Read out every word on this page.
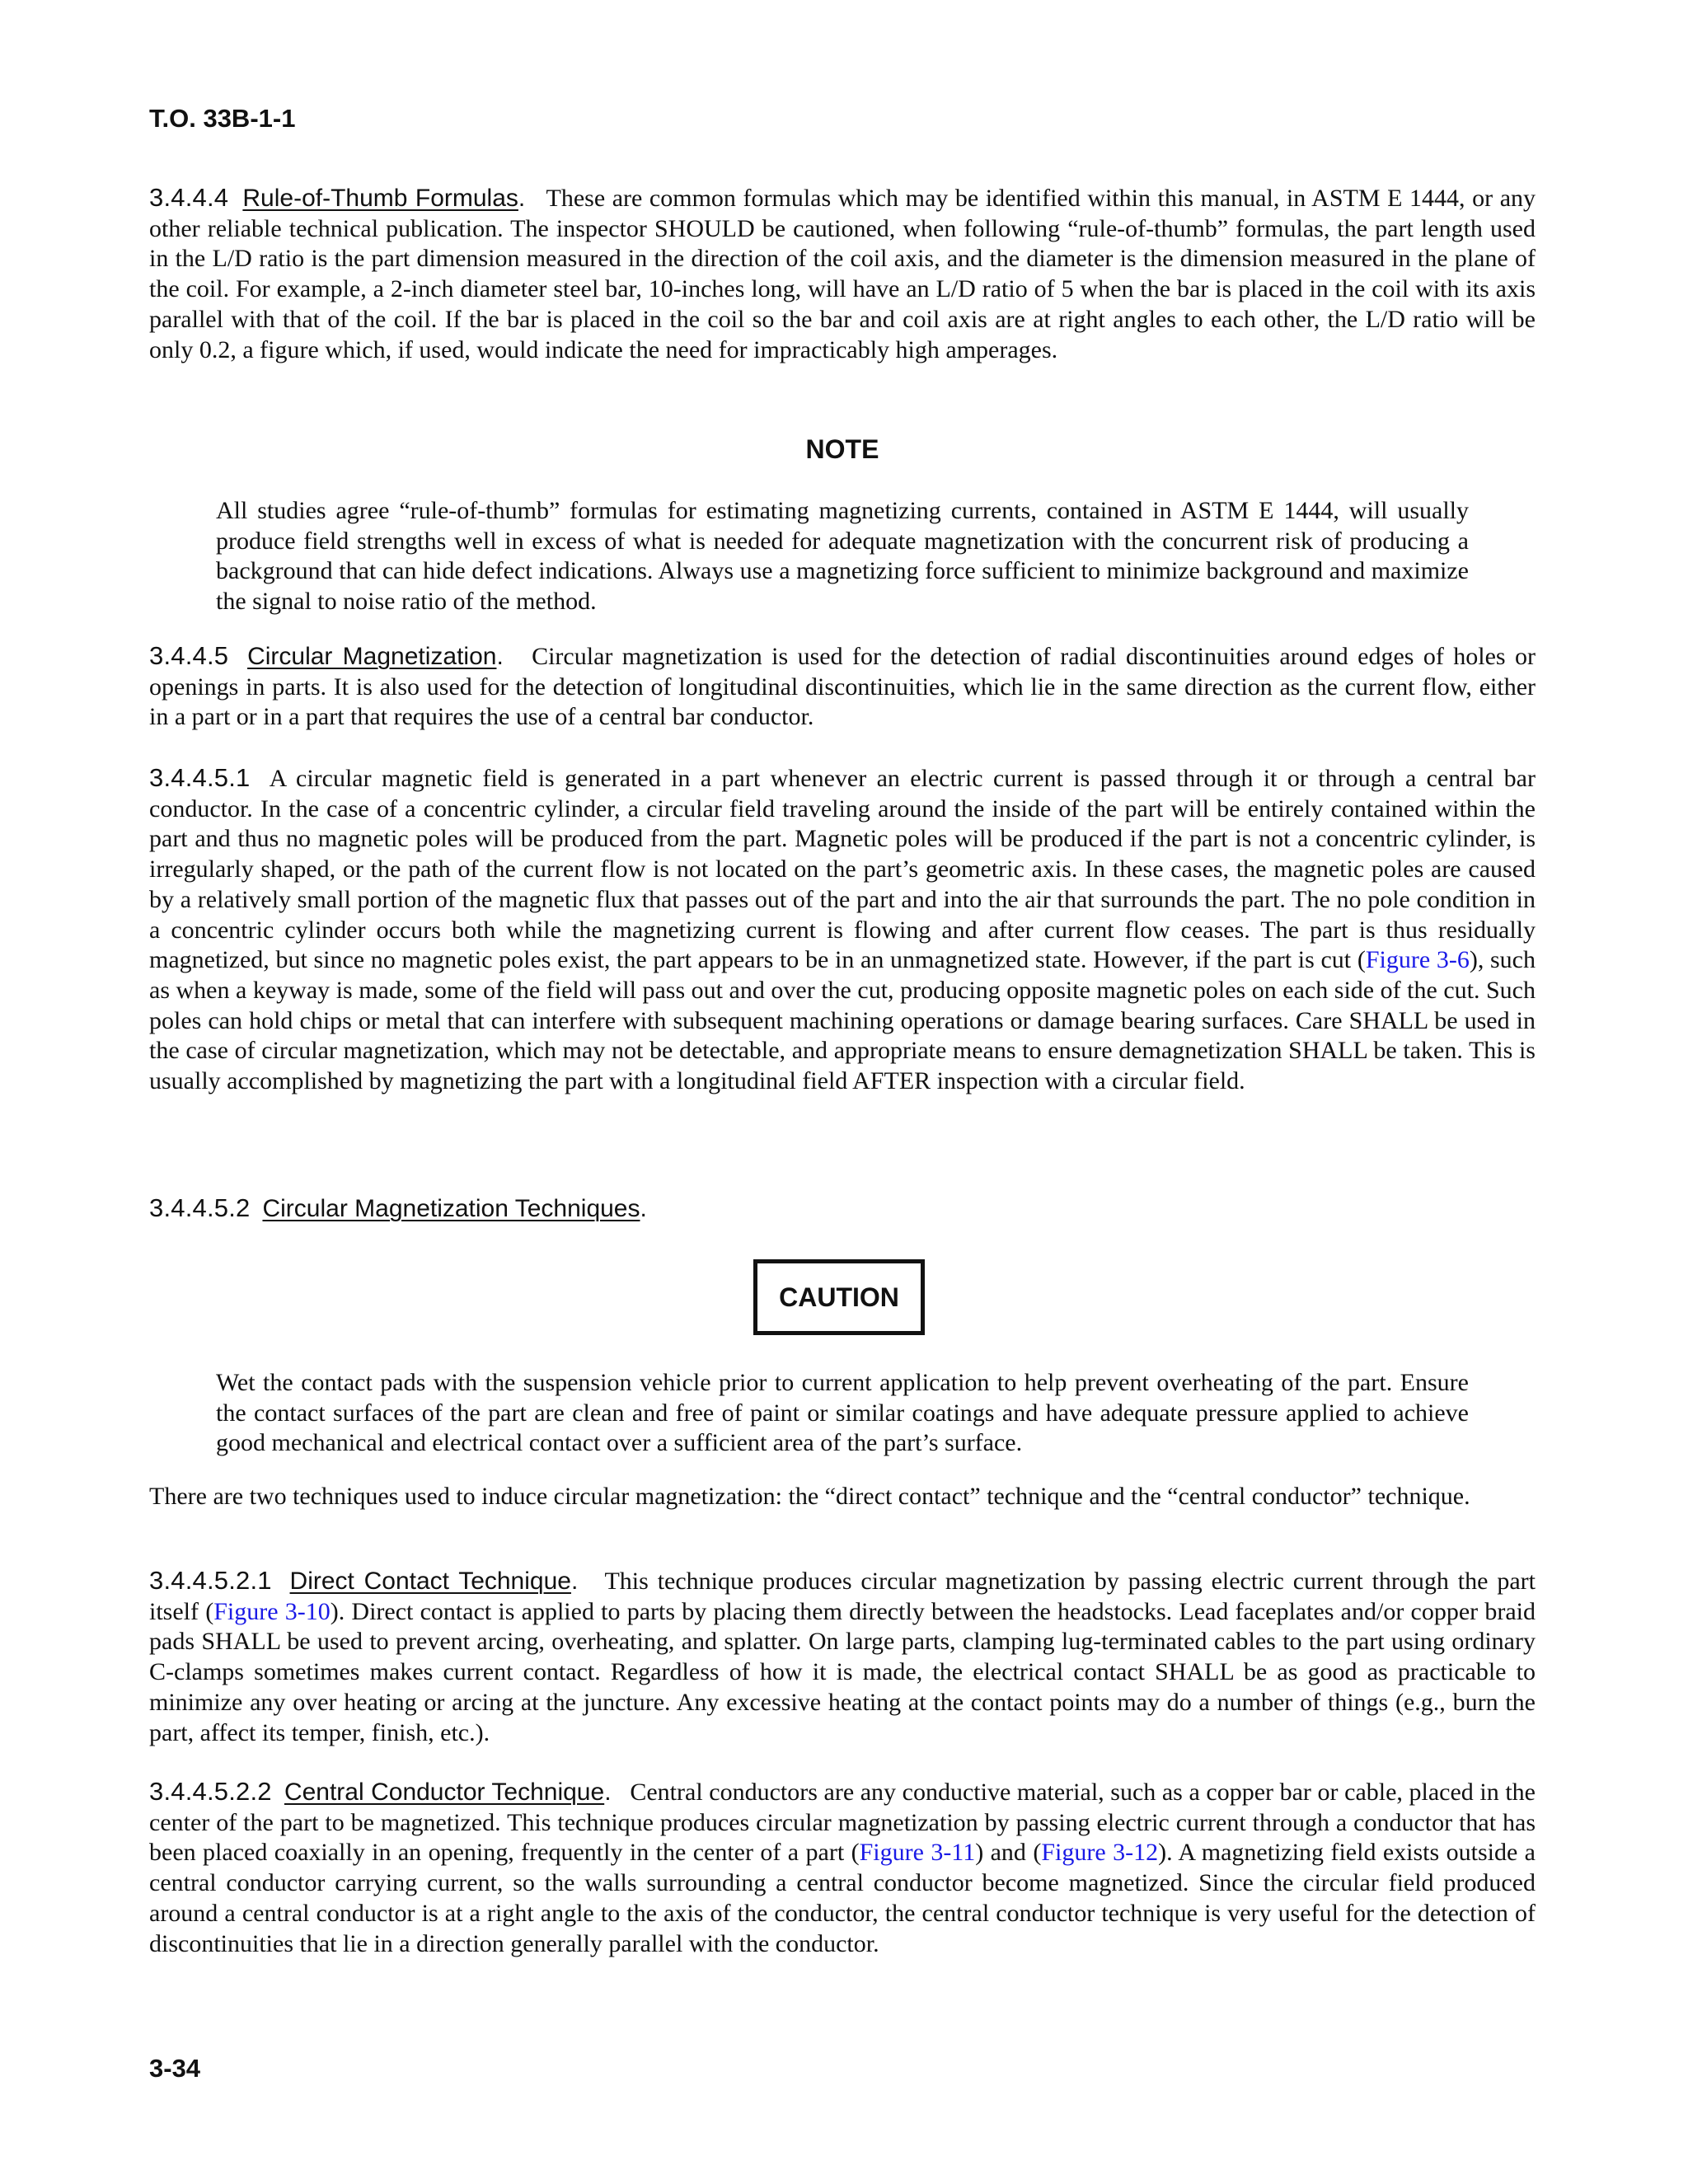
T.O. 33B-1-1
3.4.4.4 Rule-of-Thumb Formulas. These are common formulas which may be identified within this manual, in ASTM E 1444, or any other reliable technical publication. The inspector SHOULD be cautioned, when following “rule-of-thumb” formulas, the part length used in the L/D ratio is the part dimension measured in the direction of the coil axis, and the diameter is the dimension measured in the plane of the coil. For example, a 2-inch diameter steel bar, 10-inches long, will have an L/D ratio of 5 when the bar is placed in the coil with its axis parallel with that of the coil. If the bar is placed in the coil so the bar and coil axis are at right angles to each other, the L/D ratio will be only 0.2, a figure which, if used, would indicate the need for impracticably high amperages.
NOTE
All studies agree “rule-of-thumb” formulas for estimating magnetizing currents, contained in ASTM E 1444, will usually produce field strengths well in excess of what is needed for adequate magnetization with the concurrent risk of producing a background that can hide defect indications. Always use a magnetizing force sufficient to minimize background and maximize the signal to noise ratio of the method.
3.4.4.5 Circular Magnetization. Circular magnetization is used for the detection of radial discontinuities around edges of holes or openings in parts. It is also used for the detection of longitudinal discontinuities, which lie in the same direction as the current flow, either in a part or in a part that requires the use of a central bar conductor.
3.4.4.5.1 A circular magnetic field is generated in a part whenever an electric current is passed through it or through a central bar conductor. In the case of a concentric cylinder, a circular field traveling around the inside of the part will be entirely contained within the part and thus no magnetic poles will be produced from the part. Magnetic poles will be produced if the part is not a concentric cylinder, is irregularly shaped, or the path of the current flow is not located on the part’s geometric axis. In these cases, the magnetic poles are caused by a relatively small portion of the magnetic flux that passes out of the part and into the air that surrounds the part. The no pole condition in a concentric cylinder occurs both while the magnetizing current is flowing and after current flow ceases. The part is thus residually magnetized, but since no magnetic poles exist, the part appears to be in an unmagnetized state. However, if the part is cut (Figure 3-6), such as when a keyway is made, some of the field will pass out and over the cut, producing opposite magnetic poles on each side of the cut. Such poles can hold chips or metal that can interfere with subsequent machining operations or damage bearing surfaces. Care SHALL be used in the case of circular magnetization, which may not be detectable, and appropriate means to ensure demagnetization SHALL be taken. This is usually accomplished by magnetizing the part with a longitudinal field AFTER inspection with a circular field.
3.4.4.5.2 Circular Magnetization Techniques.
CAUTION
Wet the contact pads with the suspension vehicle prior to current application to help prevent overheating of the part. Ensure the contact surfaces of the part are clean and free of paint or similar coatings and have adequate pressure applied to achieve good mechanical and electrical contact over a sufficient area of the part’s surface.
There are two techniques used to induce circular magnetization: the “direct contact” technique and the “central conductor” technique.
3.4.4.5.2.1 Direct Contact Technique. This technique produces circular magnetization by passing electric current through the part itself (Figure 3-10). Direct contact is applied to parts by placing them directly between the headstocks. Lead faceplates and/or copper braid pads SHALL be used to prevent arcing, overheating, and splatter. On large parts, clamping lug-terminated cables to the part using ordinary C-clamps sometimes makes current contact. Regardless of how it is made, the electrical contact SHALL be as good as practicable to minimize any over heating or arcing at the juncture. Any excessive heating at the contact points may do a number of things (e.g., burn the part, affect its temper, finish, etc.).
3.4.4.5.2.2 Central Conductor Technique. Central conductors are any conductive material, such as a copper bar or cable, placed in the center of the part to be magnetized. This technique produces circular magnetization by passing electric current through a conductor that has been placed coaxially in an opening, frequently in the center of a part (Figure 3-11) and (Figure 3-12). A magnetizing field exists outside a central conductor carrying current, so the walls surrounding a central conductor become magnetized. Since the circular field produced around a central conductor is at a right angle to the axis of the conductor, the central conductor technique is very useful for the detection of discontinuities that lie in a direction generally parallel with the conductor.
3-34
